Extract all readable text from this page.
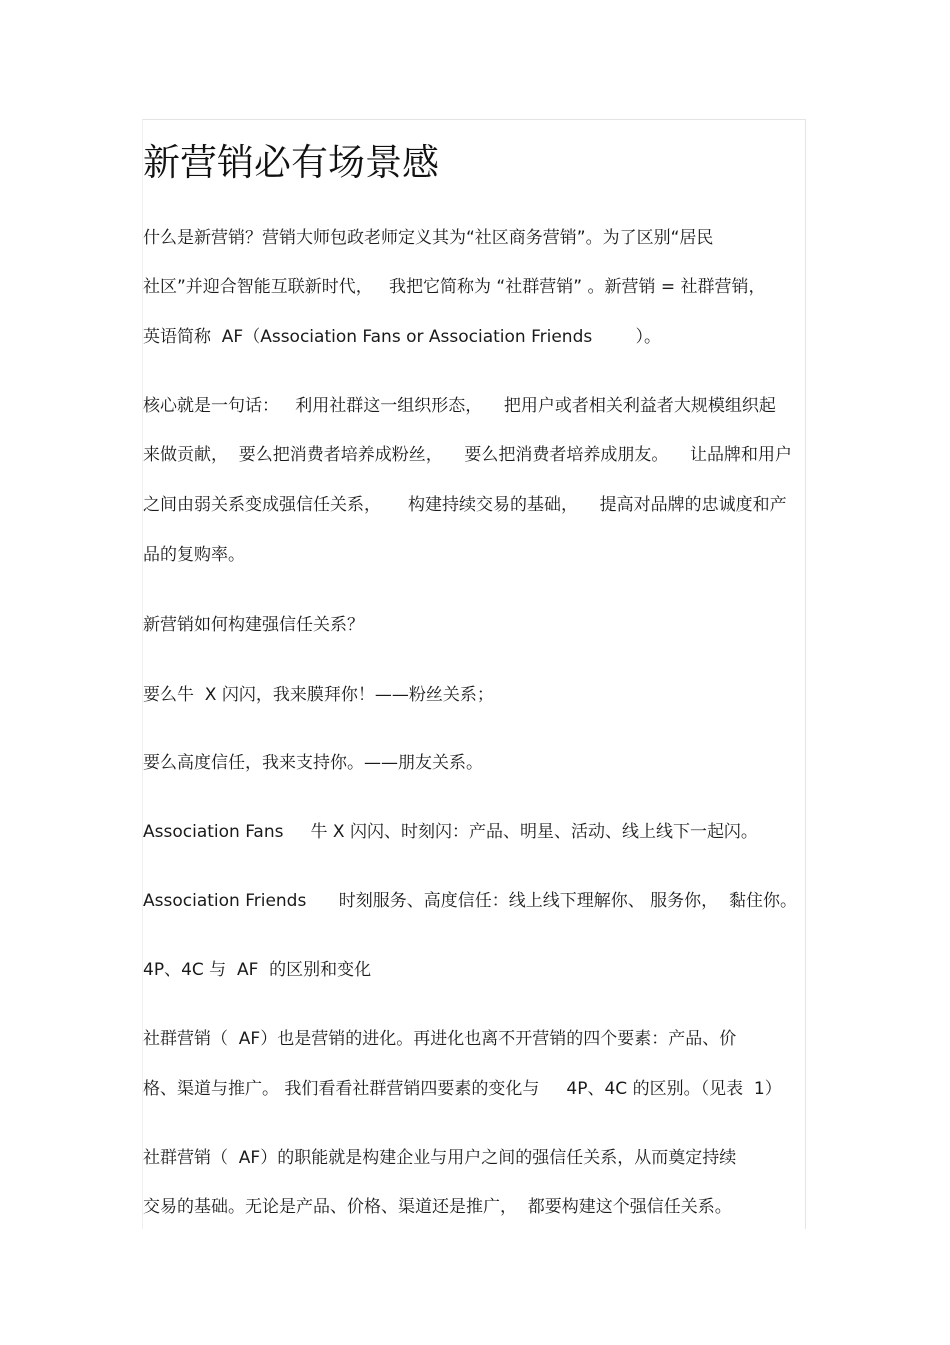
新营销必有场景感

什么是新营销？营销大师包政老师定义其为“社区商务营销”。为了区别“居民

社区”并迎合智能互联新时代，   我把它简称为 “社群营销” 。新营销 = 社群营销，

英语简称  AF（Association Fans or Association Friends        ）。

核心就是一句话：   利用社群这一组织形态，    把用户或者相关利益者大规模组织起

来做贡献，  要么把消费者培养成粉丝，    要么把消费者培养成朋友。    让品牌和用户

之间由弱关系变成强信任关系，     构建持续交易的基础，    提高对品牌的忠诚度和产

品的复购率。

新营销如何构建强信任关系？

要么牛  X 闪闪，我来膜拜你！——粉丝关系；

要么高度信任，我来支持你。——朋友关系。

Association Fans     牛 X 闪闪、时刻闪：产品、明星、活动、线上线下一起闪。

Association Friends      时刻服务、高度信任：线上线下理解你、 服务你，  黏住你。

4P、4C 与  AF  的区别和变化

社群营销（  AF）也是营销的进化。再进化也离不开营销的四个要素：产品、价

格、渠道与推广。 我们看看社群营销四要素的变化与     4P、4C 的区别。（见表  1）

社群营销（  AF）的职能就是构建企业与用户之间的强信任关系，从而奠定持续

交易的基础。无论是产品、价格、渠道还是推广，  都要构建这个强信任关系。
